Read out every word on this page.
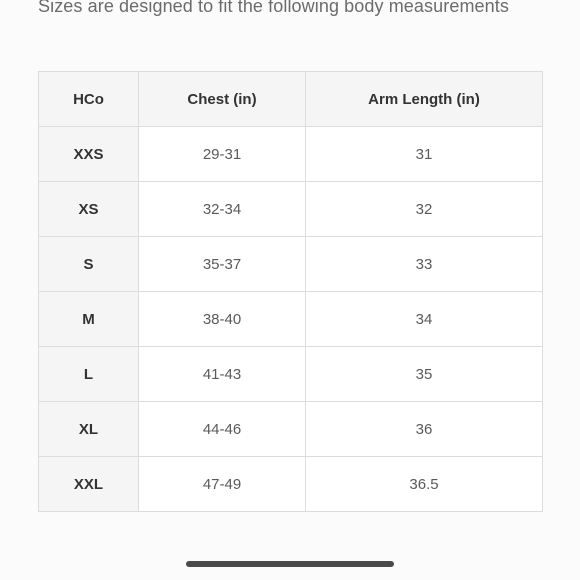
Sizes are designed to fit the following body measurements
HCo	Chest (in)	Arm Length (in)
XXS	29-31	31
XS	32-34	32
S	35-37	33
M	38-40	34
L	41-43	35
XL	44-46	36
XXL	47-49	36.5
